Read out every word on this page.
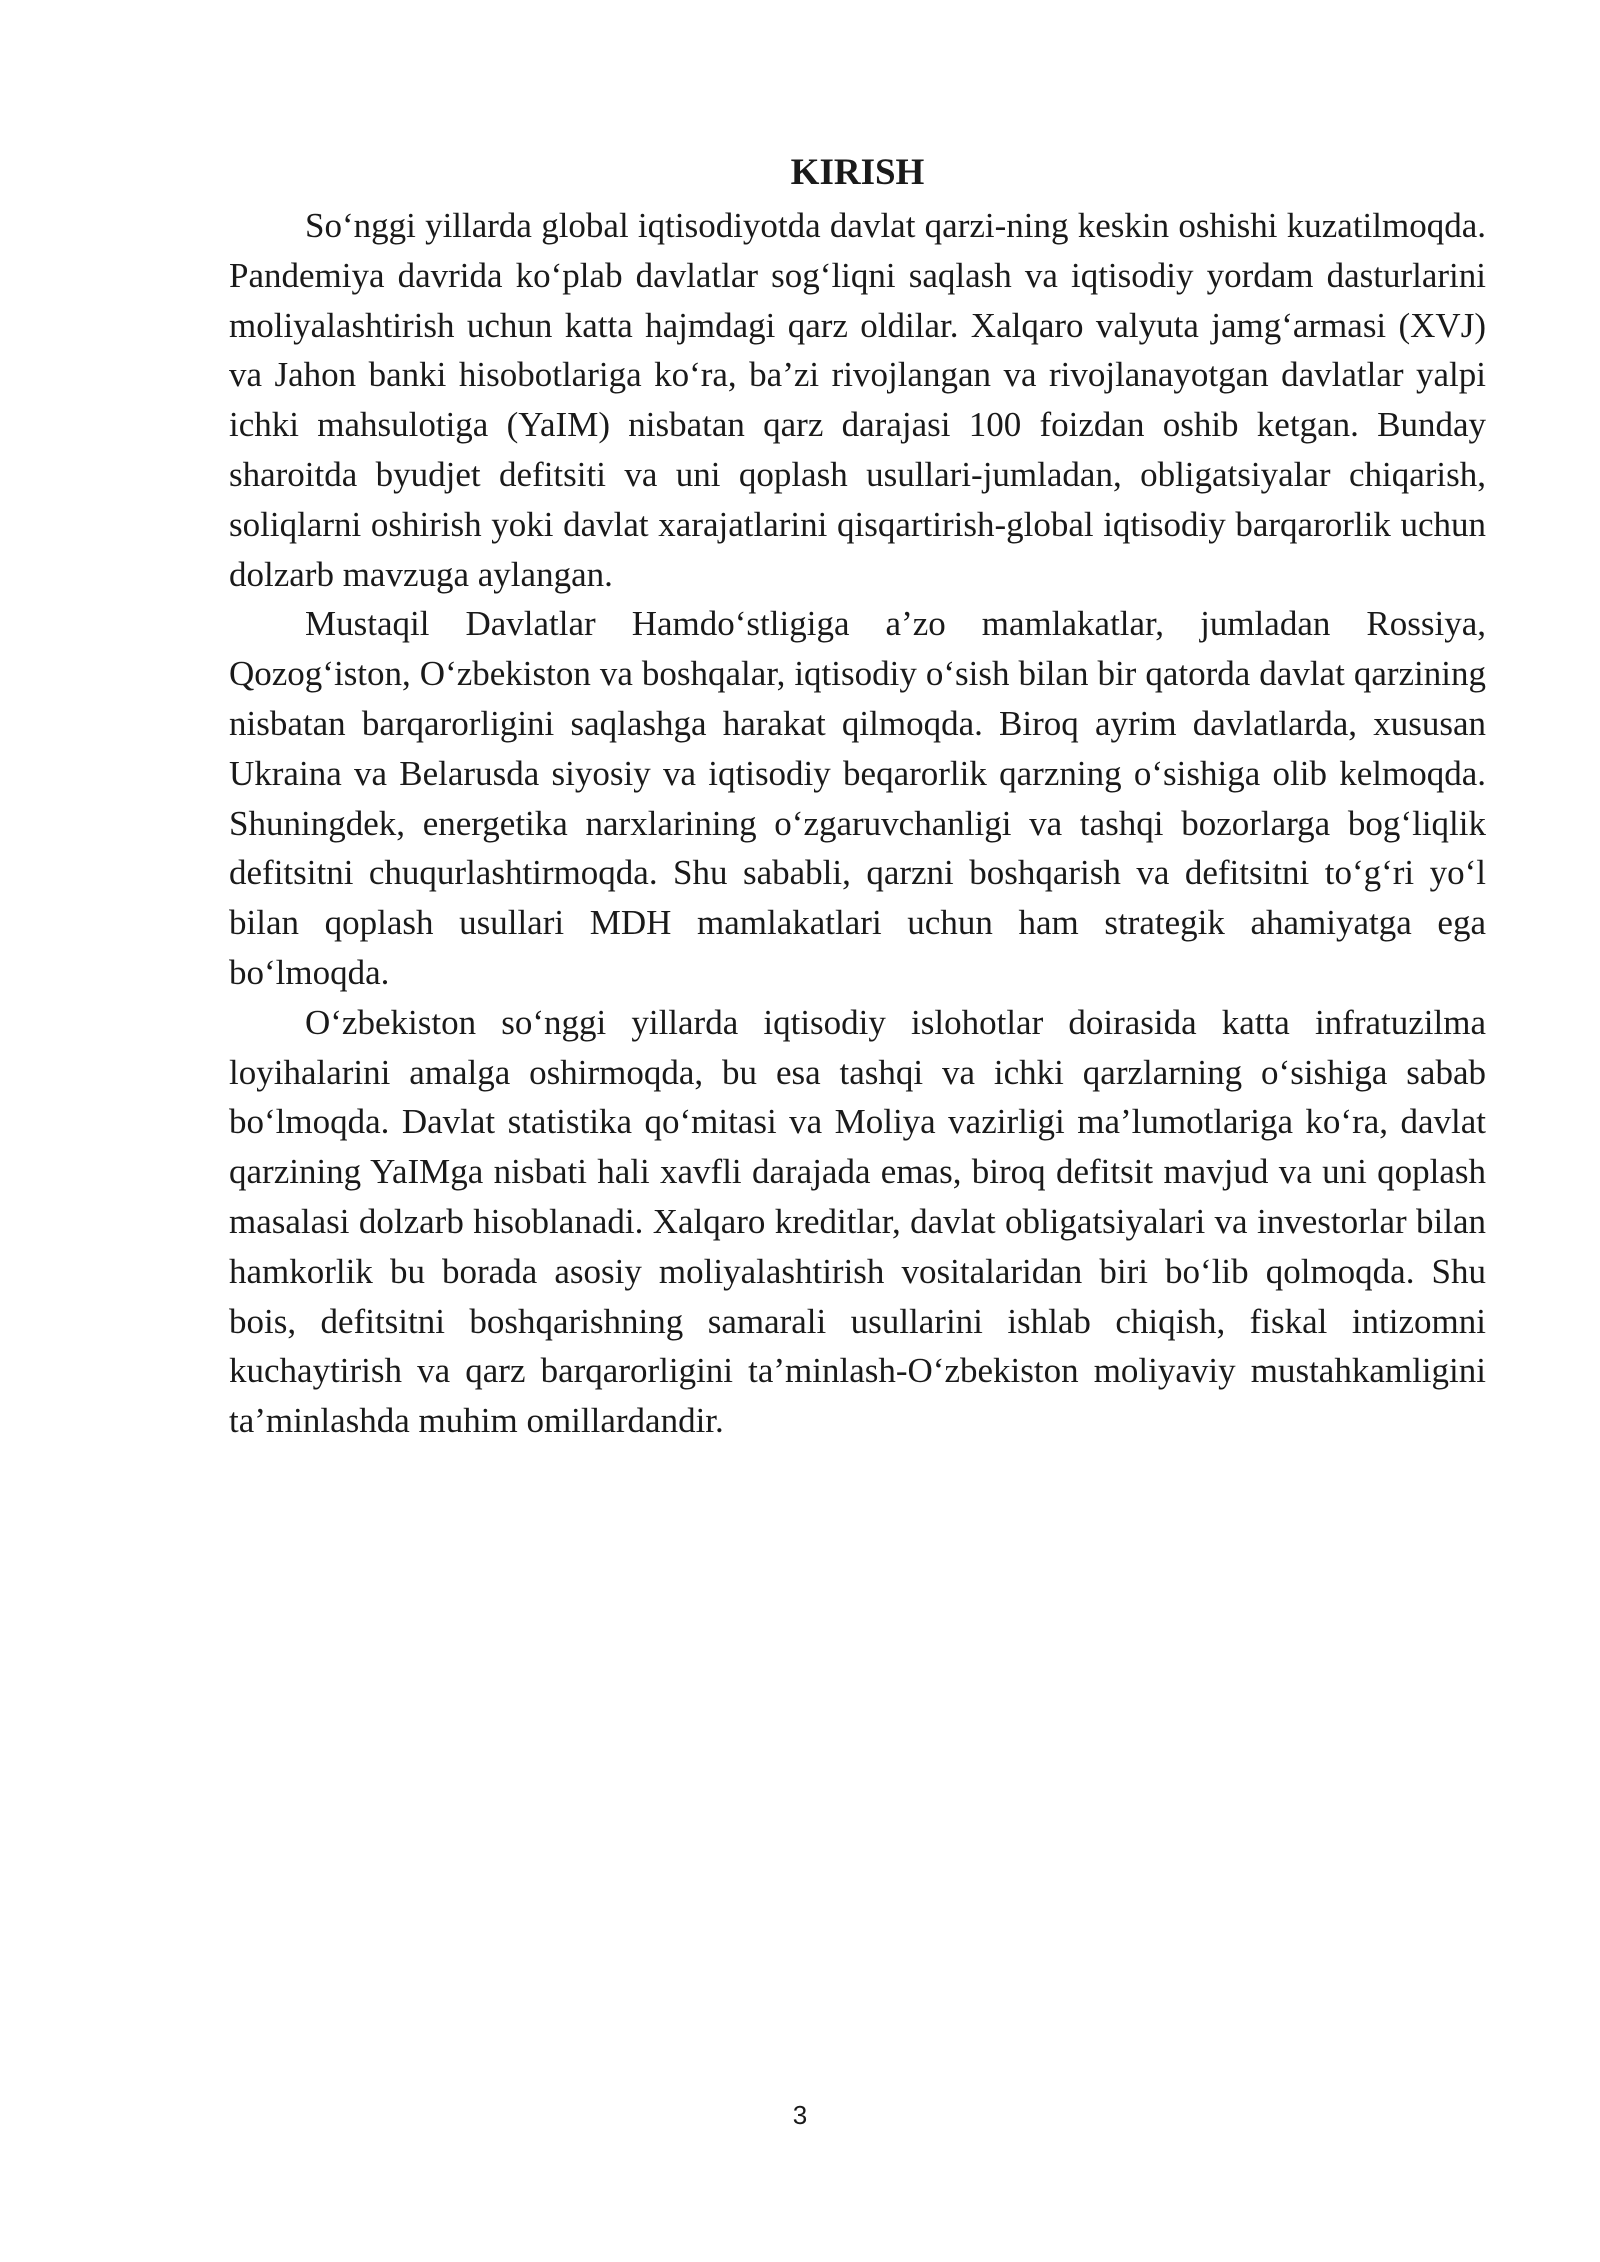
KIRISH

So‘nggi yillarda global iqtisodiyotda davlat qarzi-ning keskin oshishi kuzatilmoqda. Pandemiya davrida ko‘plab davlatlar sog‘liqni saqlash va iqtisodiy yordam dasturlarini moliyalashtirish uchun katta hajmdagi qarz oldilar. Xalqaro valyuta jamg‘armasi (XVJ) va Jahon banki hisobotlariga ko‘ra, ba’zi rivojlangan va rivojlanayotgan davlatlar yalpi ichki mahsulotiga (YaIM) nisbatan qarz darajasi 100 foizdan oshib ketgan. Bunday sharoitda byudjet defitsiti va uni qoplash usullari-jumladan, obligatsiyalar chiqarish, soliqlarni oshirish yoki davlat xarajatlarini qisqartirish-global iqtisodiy barqarorlik uchun dolzarb mavzuga aylangan.

Mustaqil Davlatlar Hamdo‘stligiga a’zo mamlakatlar, jumladan Rossiya, Qozog‘iston, O‘zbekiston va boshqalar, iqtisodiy o‘sish bilan bir qatorda davlat qarzining nisbatan barqarorligini saqlashga harakat qilmoqda. Biroq ayrim davlatlarda, xususan Ukraina va Belarusda siyosiy va iqtisodiy beqarorlik qarzning o‘sishiga olib kelmoqda. Shuningdek, energetika narxlarining o‘zgaruvchanligi va tashqi bozorlarga bog‘liqlik defitsitni chuqurlashtirmoqda. Shu sababli, qarzni boshqarish va defitsitni to‘g‘ri yo‘l bilan qoplash usullari MDH mamlakatlari uchun ham strategik ahamiyatga ega bo‘lmoqda.

O‘zbekiston so‘nggi yillarda iqtisodiy islohotlar doirasida katta infratuzilma loyihalarini amalga oshirmoqda, bu esa tashqi va ichki qarzlarning o‘sishiga sabab bo‘lmoqda. Davlat statistika qo‘mitasi va Moliya vazirligi ma’lumotlariga ko‘ra, davlat qarzining YaIMga nisbati hali xavfli darajada emas, biroq defitsit mavjud va uni qoplash masalasi dolzarb hisoblanadi. Xalqaro kreditlar, davlat obligatsiyalari va investorlar bilan hamkorlik bu borada asosiy moliyalashtirish vositalaridan biri bo‘lib qolmoqda. Shu bois, defitsitni boshqarishning samarali usullarini ishlab chiqish, fiskal intizomni kuchaytirish va qarz barqarorligini ta’minlash-O‘zbekiston moliyaviy mustahkamligini ta’minlashda muhim omillardandir.

3
